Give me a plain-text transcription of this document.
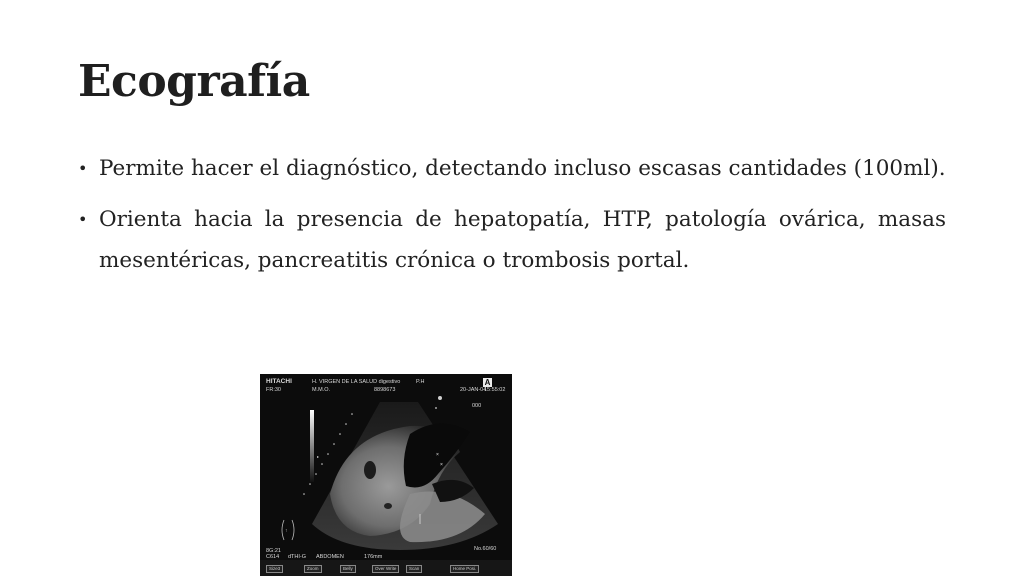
Ecografía
• Permite hacer el diagnóstico, detectando incluso escasas cantidades (100ml).
• Orienta hacia la presencia de hepatopatía, HTP, patología ovárica, masas mesentéricas, pancreatitis crónica o trombosis portal.
×
×
▸
↑
HITACHI	H. VIRGEN DE LA SALUD digestivo	P.H
FR:30	M.M.O.	8898673	20-JAN-04
15:55:02
A
000
8G:21
C614 dTHI-G ABDOMEN	176mm
No.60/60
Size3	Zoom	Belly	Over Write	Scan	Home Posi.
